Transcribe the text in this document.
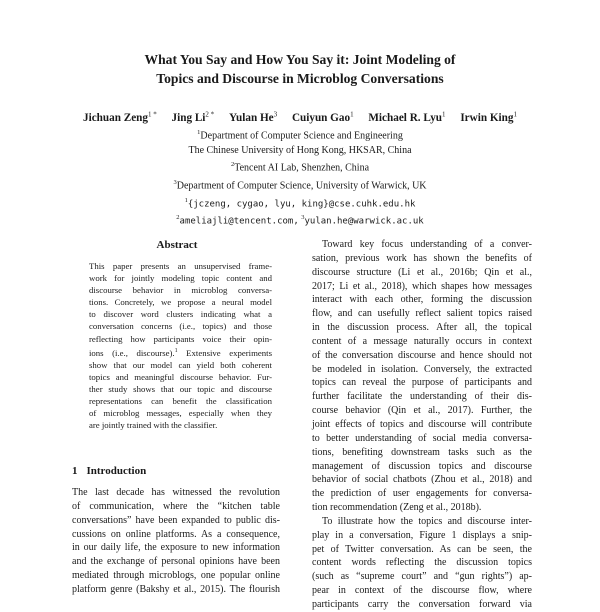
What You Say and How You Say it: Joint Modeling of
Topics and Discourse in Microblog Conversations
Jichuan Zeng$^{1 *}$ Jing $Li^{2 *}$ Yulan He$^3$ Cuiyun Gao$^1$ Michael R. Lyu$^1$ Irwin King$^1$
$^1$Department of Computer Science and Engineering
The Chinese University of Hong Kong, HKSAR, China
$^2$Tencent AI Lab, Shenzhen, China
$^3$Department of Computer Science, University of Warwick, UK
$^1${jczeng, cygao, lyu, king}@cse.cuhk.edu.hk
$^2$ameliajli@tencent.com, $^3$yulan.he@warwick.ac.uk
Abstract

This paper presents an unsupervised frame-
work for jointly modeling topic content and
discourse behavior in microblog conversa-
tions. Concretely, we propose a neural model
to discover word clusters indicating what a
conversation concerns (i.e., topics) and those
reflecting how participants voice their opin-
ions (i.e., discourse).$^1$ Extensive experiments
show that our model can yield both coherent
topics and meaningful discourse behavior. Fur-
ther study shows that our topic and discourse
representations can benefit the classification
of microblog messages, especially when they
are jointly trained with the classifier.

1 Introduction

The last decade has witnessed the revolution
of communication, where the “kitchen table
conversations” have been expanded to public dis-
cussions on online platforms. As a consequence,
in our daily life, the exposure to new information
and the exchange of personal opinions have been
mediated through microblogs, one popular online
platform genre (Bakshy et al., 2015). The flourish

Toward key focus understanding of a conver-
sation, previous work has shown the benefits of
discourse structure (Li et al., 2016b; Qin et al.,
2017; Li et al., 2018), which shapes how messages
interact with each other, forming the discussion
flow, and can usefully reflect salient topics raised
in the discussion process. After all, the topical
content of a message naturally occurs in context
of the conversation discourse and hence should not
be modeled in isolation. Conversely, the extracted
topics can reveal the purpose of participants and
further facilitate the understanding of their dis-
course behavior (Qin et al., 2017). Further, the
joint effects of topics and discourse will contribute
to better understanding of social media conversa-
tions, benefiting downstream tasks such as the
management of discussion topics and discourse
behavior of social chatbots (Zhou et al., 2018) and
the prediction of user engagements for conversa-
tion recommendation (Zeng et al., 2018b).

To illustrate how the topics and discourse inter-
play in a conversation, Figure 1 displays a snip-
pet of Twitter conversation. As can be seen, the
content words reflecting the discussion topics
(such as “supreme court” and “gun rights”) ap-
pear in context of the discourse flow, where
participants carry the conversation forward via
